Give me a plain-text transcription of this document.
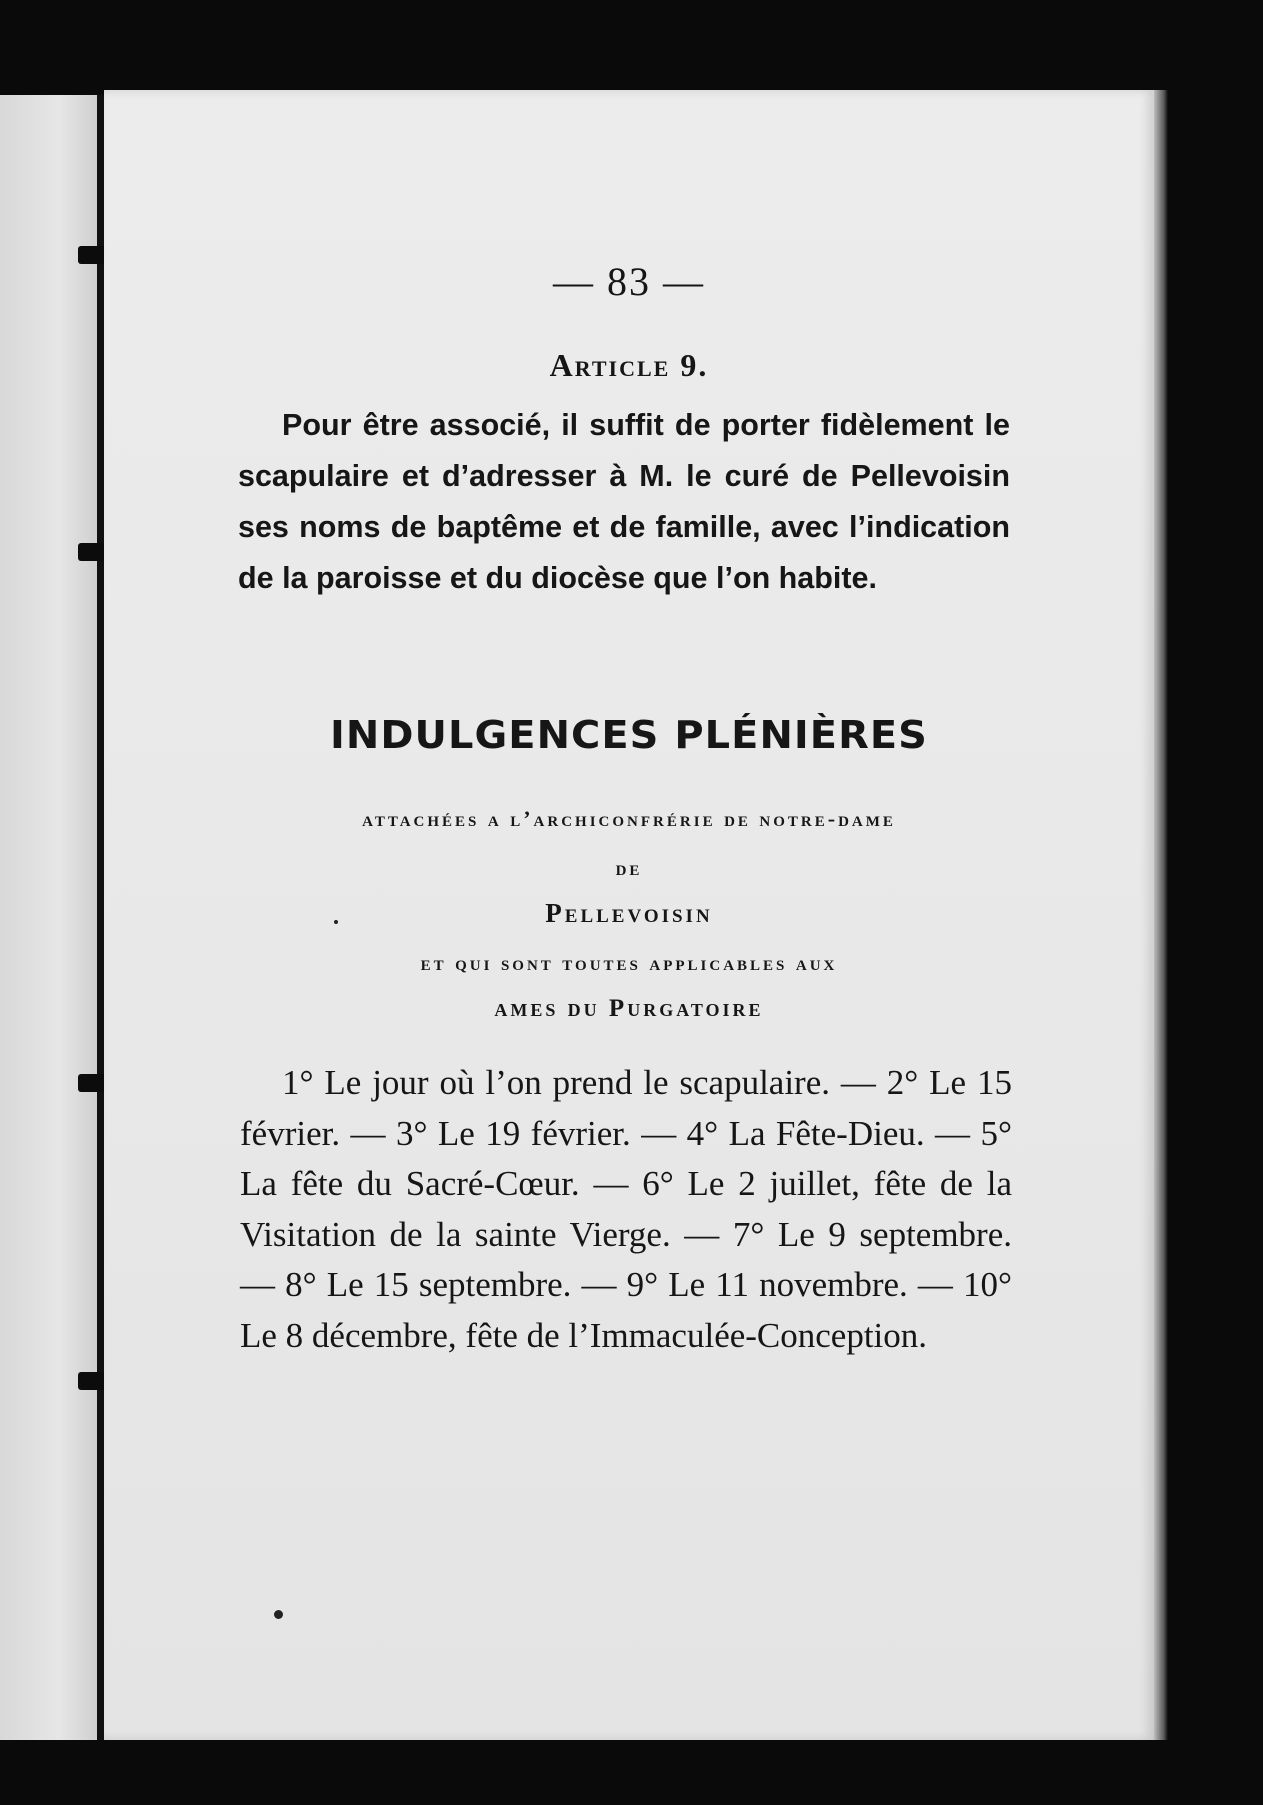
— 83 —
Article 9.
Pour être associé, il suffit de porter fidèlement le scapulaire et d’adresser à M. le curé de Pellevoisin ses noms de baptême et de famille, avec l’indication de la paroisse et du diocèse que l’on habite.
INDULGENCES PLÉNIÈRES
attachées a l’archiconfrérie de notre-dame
de
Pellevoisin
et qui sont toutes applicables aux
ames du Purgatoire
1° Le jour où l’on prend le scapulaire. — 2° Le 15 février. — 3° Le 19 février. — 4° La Fête-Dieu. — 5° La fête du Sacré-Cœur. — 6° Le 2 juillet, fête de la Visitation de la sainte Vierge. — 7° Le 9 septembre. — 8° Le 15 septembre. — 9° Le 11 novembre. — 10° Le 8 décembre, fête de l’Immaculée-Conception.
